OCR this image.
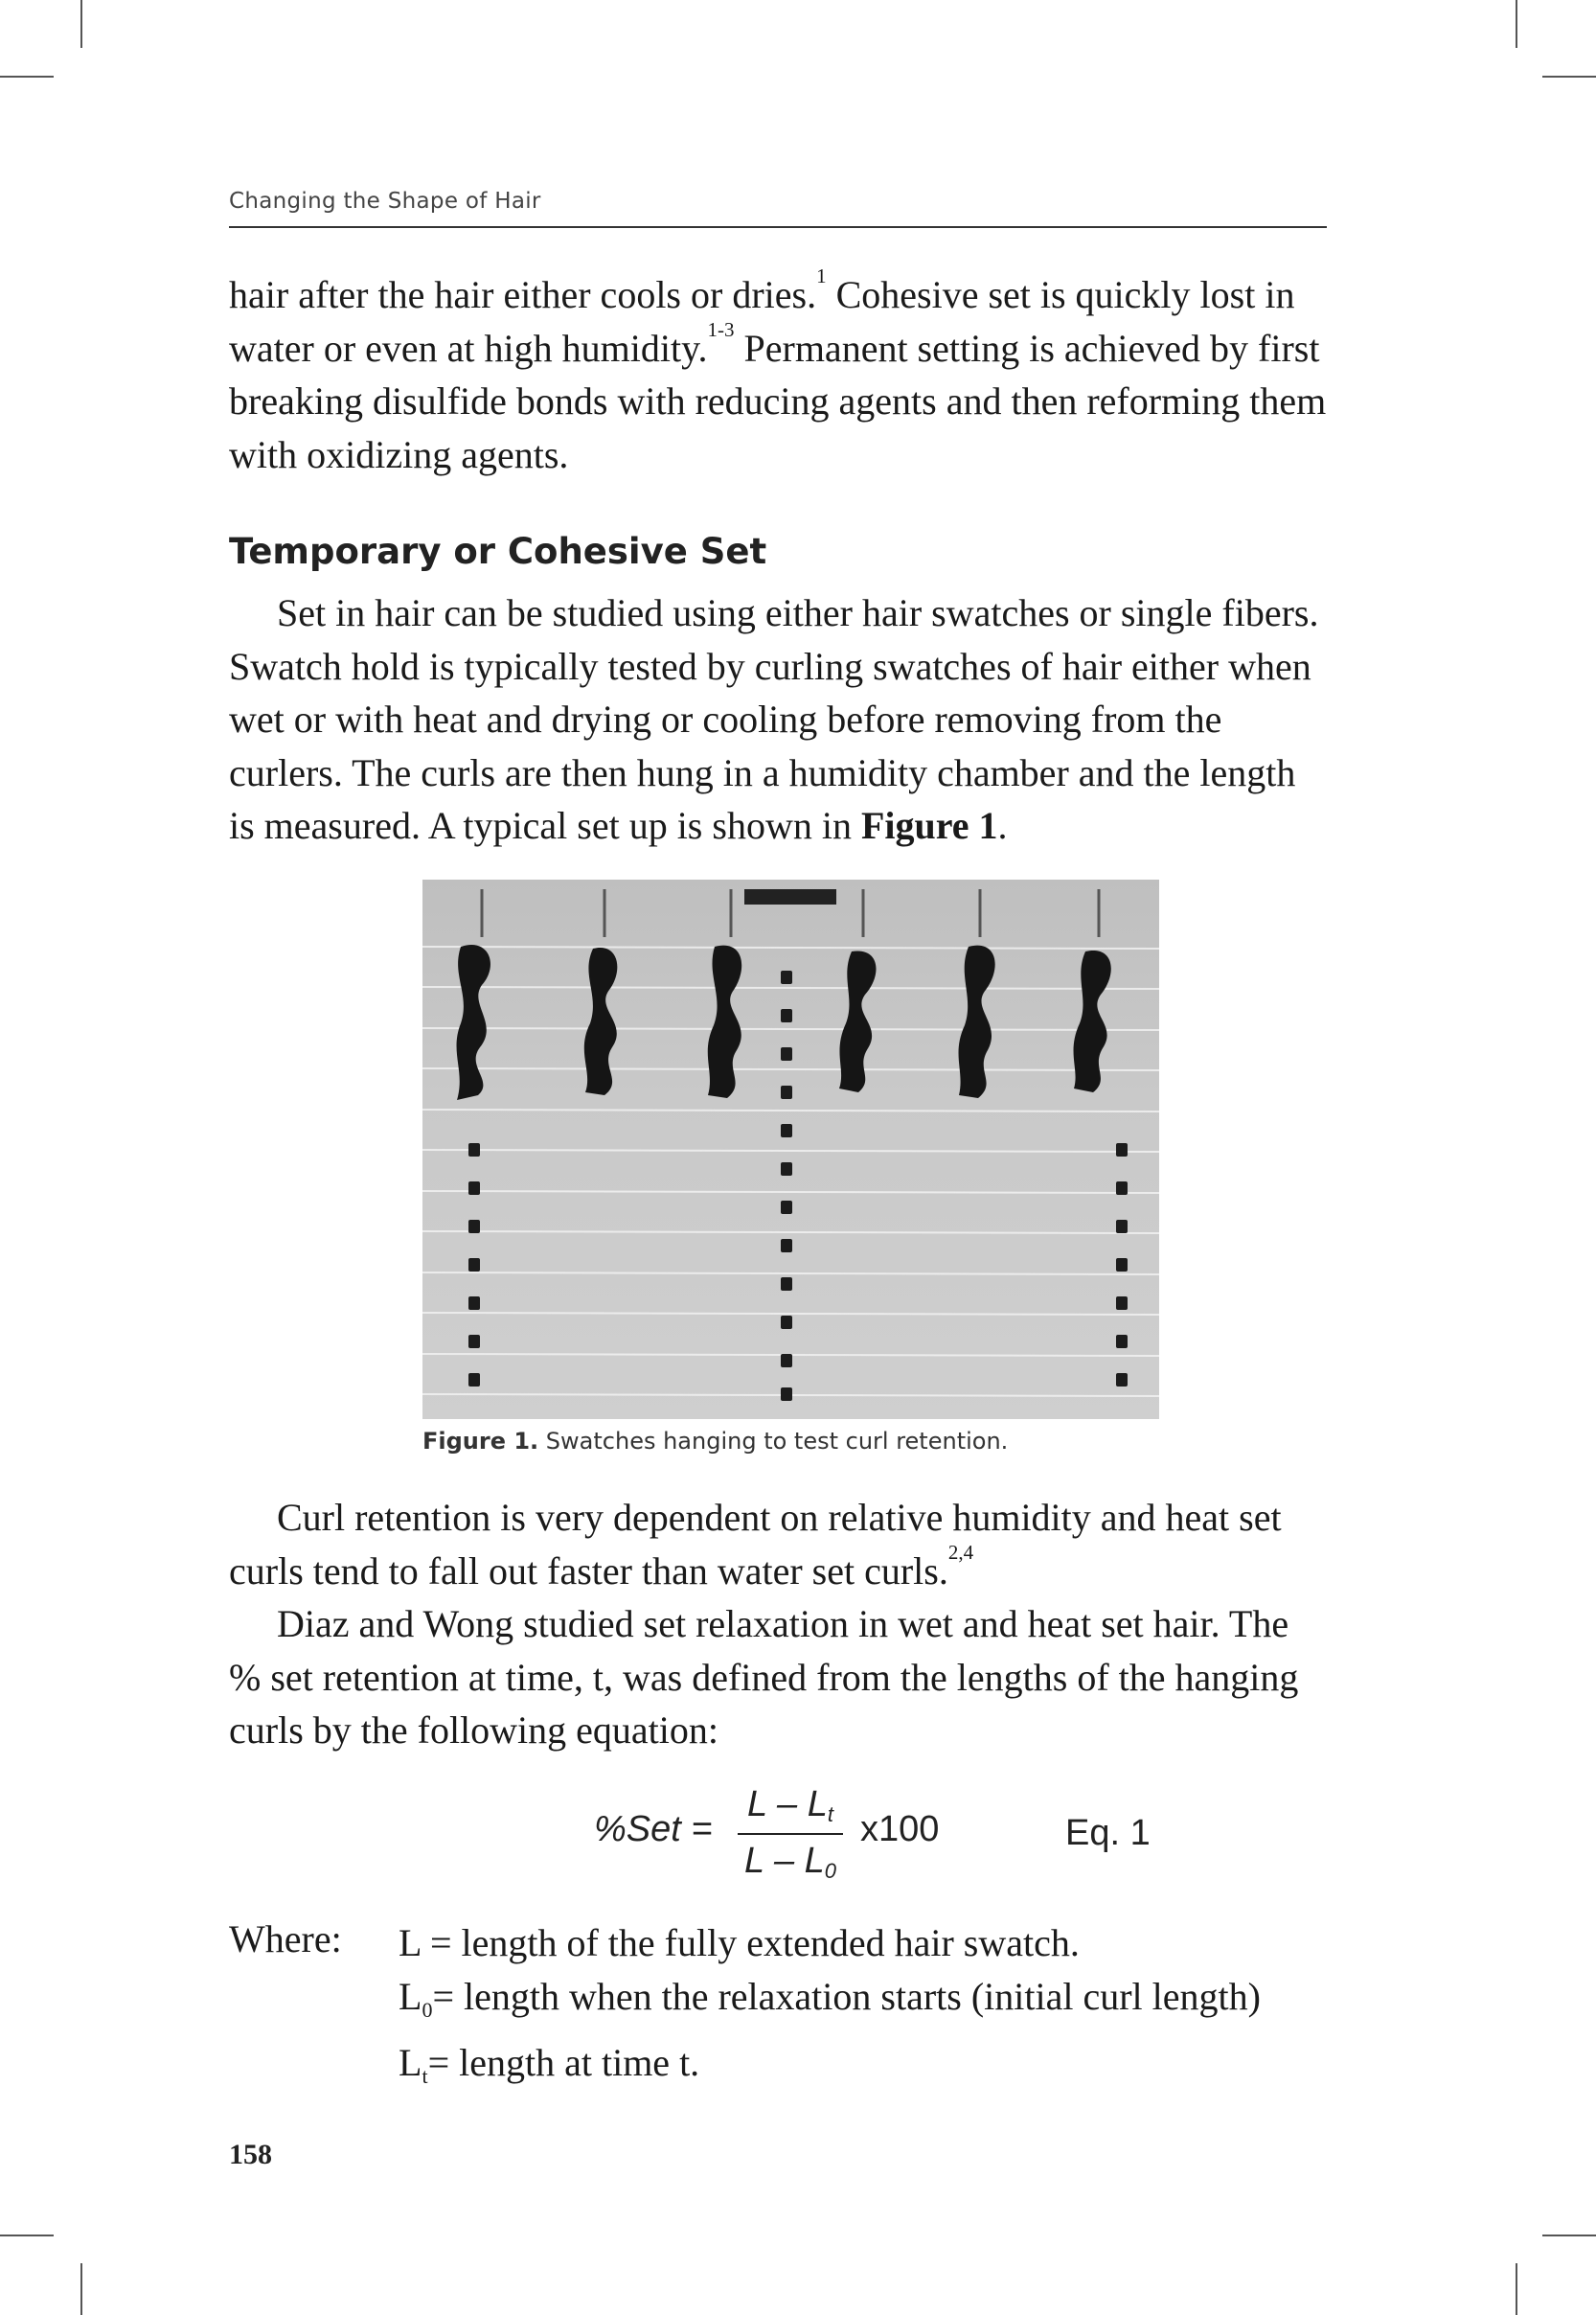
Changing the Shape of Hair

hair after the hair either cools or dries.$^1$ Cohesive set is quickly lost in water or even at high humidity.$^{1-3}$ Permanent setting is achieved by first breaking disulfide bonds with reducing agents and then reforming them with oxidizing agents.

Temporary or Cohesive Set

Set in hair can be studied using either hair swatches or single fibers. Swatch hold is typically tested by curling swatches of hair either when wet or with heat and drying or cooling before removing from the curlers. The curls are then hung in a humidity chamber and the length is measured. A typical set up is shown in Figure 1.

Figure 1. Swatches hanging to test curl retention.

Curl retention is very dependent on relative humidity and heat set curls tend to fall out faster than water set curls.$^{2,4}$

Diaz and Wong studied set relaxation in wet and heat set hair. The % set retention at time, t, was defined from the lengths of the hanging curls by the following equation:

%Set =
L – Lt
L – L0
x100	Eq. 1
Where: L = length of the fully extended hair swatch.
$L_0=$ length when the relaxation starts (initial curl length)
$L_t=$ length at time t.
158
